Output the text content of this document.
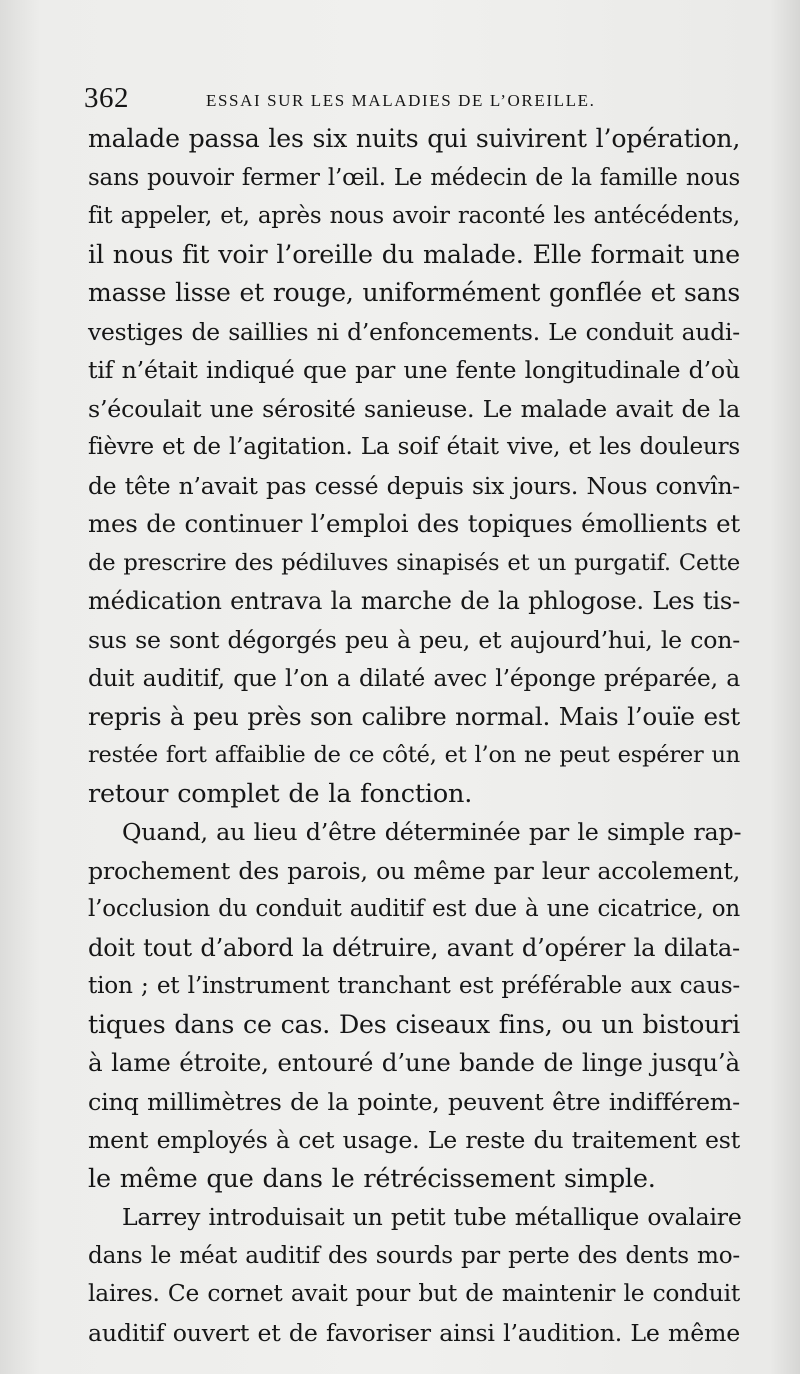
362	ESSAI SUR LES MALADIES DE L’OREILLE.
malade passa les six nuits qui suivirent l’opération,
sans pouvoir fermer l’œil. Le médecin de la famille nous
fit appeler, et, après nous avoir raconté les antécédents,
il nous fit voir l’oreille du malade. Elle formait une
masse lisse et rouge, uniformément gonflée et sans
vestiges de saillies ni d’enfoncements. Le conduit audi-
tif n’était indiqué que par une fente longitudinale d’où
s’écoulait une sérosité sanieuse. Le malade avait de la
fièvre et de l’agitation. La soif était vive, et les douleurs
de tête n’avait pas cessé depuis six jours. Nous convîn-
mes de continuer l’emploi des topiques émollients et
de prescrire des pédiluves sinapisés et un purgatif. Cette
médication entrava la marche de la phlogose. Les tis-
sus se sont dégorgés peu à peu, et aujourd’hui, le con-
duit auditif, que l’on a dilaté avec l’éponge préparée, a
repris à peu près son calibre normal. Mais l’ouïe est
restée fort affaiblie de ce côté, et l’on ne peut espérer un
retour complet de la fonction.
Quand, au lieu d’être déterminée par le simple rap-
prochement des parois, ou même par leur accolement,
l’occlusion du conduit auditif est due à une cicatrice, on
doit tout d’abord la détruire, avant d’opérer la dilata-
tion ; et l’instrument tranchant est préférable aux caus-
tiques dans ce cas. Des ciseaux fins, ou un bistouri
à lame étroite, entouré d’une bande de linge jusqu’à
cinq millimètres de la pointe, peuvent être indifférem-
ment employés à cet usage. Le reste du traitement est
le même que dans le rétrécissement simple.
Larrey introduisait un petit tube métallique ovalaire
dans le méat auditif des sourds par perte des dents mo-
laires. Ce cornet avait pour but de maintenir le conduit
auditif ouvert et de favoriser ainsi l’audition. Le même
